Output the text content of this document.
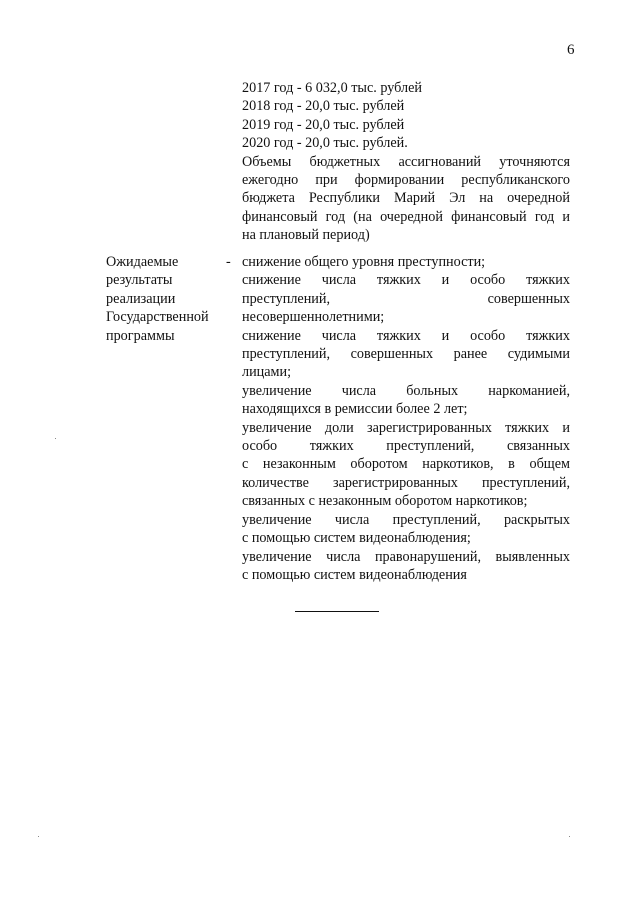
6
2017 год - 6 032,0 тыс. рублей
2018 год - 20,0 тыс. рублей
2019 год - 20,0 тыс. рублей
2020 год - 20,0 тыс. рублей.
Объемы бюджетных ассигнований уточняются
ежегодно при формировании республиканского
бюджета Республики Марий Эл на очередной
финансовый год (на очередной финансовый год и
на плановый период)
Ожидаемые
результаты
реализации
Государственной
программы
- снижение общего уровня преступности;
снижение числа тяжких и особо тяжких
преступлений, совершенных
несовершеннолетними;
снижение числа тяжких и особо тяжких
преступлений, совершенных ранее судимыми
лицами;
увеличение числа больных наркоманией,
находящихся в ремиссии более 2 лет;
увеличение доли зарегистрированных тяжких и
особо тяжких преступлений, связанных
с незаконным оборотом наркотиков, в общем
количестве зарегистрированных преступлений,
связанных с незаконным оборотом наркотиков;
увеличение числа преступлений, раскрытых
с помощью систем видеонаблюдения;
увеличение числа правонарушений, выявленных
с помощью систем видеонаблюдения
